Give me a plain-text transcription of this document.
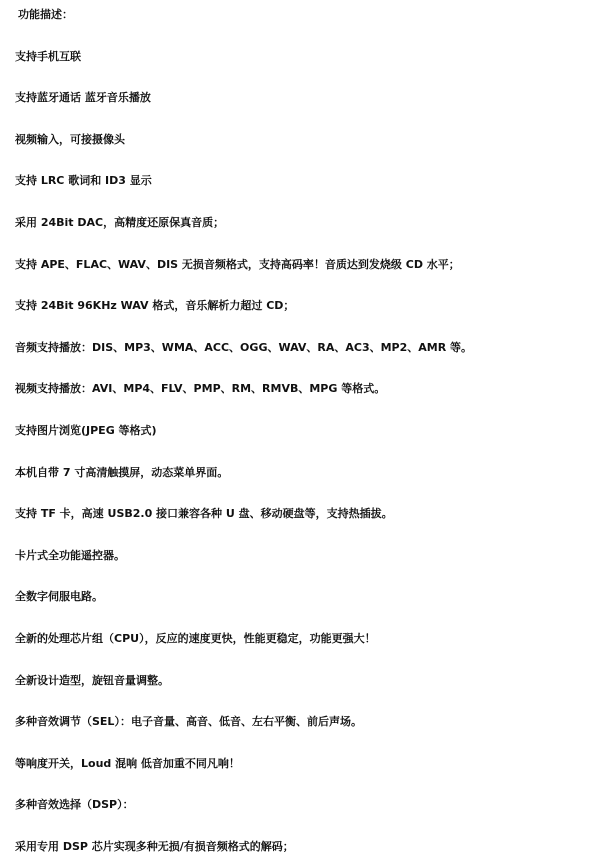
功能描述：
支持手机互联
支持蓝牙通话 蓝牙音乐播放
视频输入，可接摄像头
支持 LRC 歌词和 ID3 显示
采用 24Bit DAC，高精度还原保真音质；
支持 APE、FLAC、WAV、DIS 无损音频格式，支持高码率！音质达到发烧级 CD 水平；
支持 24Bit 96KHz WAV 格式，音乐解析力超过 CD；
音频支持播放：DIS、MP3、WMA、ACC、OGG、WAV、RA、AC3、MP2、AMR 等。
视频支持播放：AVI、MP4、FLV、PMP、RM、RMVB、MPG 等格式。
支持图片浏览(JPEG 等格式)
本机自带 7 寸高清触摸屏，动态菜单界面。
支持 TF 卡，高速 USB2.0 接口兼容各种 U 盘、移动硬盘等，支持热插拔。
卡片式全功能遥控器。
全数字伺服电路。
全新的处理芯片组（CPU），反应的速度更快，性能更稳定，功能更强大！
全新设计造型，旋钮音量调整。
多种音效调节（SEL）：电子音量、高音、低音、左右平衡、前后声场。
等响度开关，Loud 混响 低音加重不同凡响！
多种音效选择（DSP）：
采用专用 DSP 芯片实现多种无损/有损音频格式的解码；
